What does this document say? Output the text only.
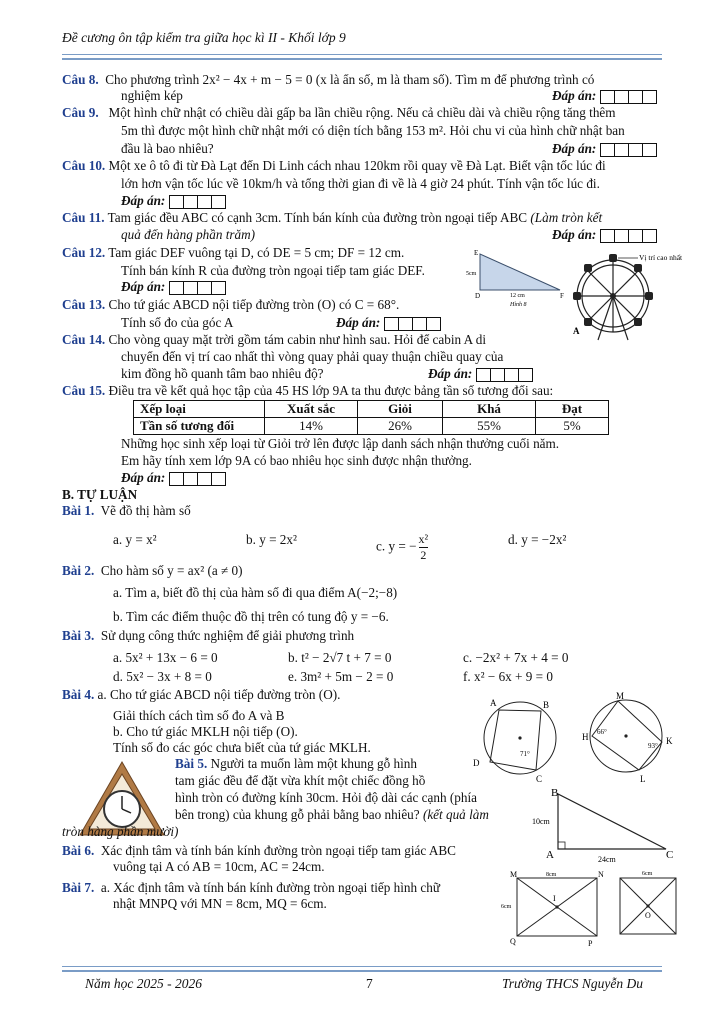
Đề cương ôn tập kiểm tra giữa học kì II - Khối lớp 9
Câu 8. Cho phương trình 2x² − 4x + m − 5 = 0 (x là ẩn số, m là tham số). Tìm m để phương trình có
nghiệm kép	Đáp án:
Câu 9. Một hình chữ nhật có chiều dài gấp ba lần chiều rộng. Nếu cả chiều dài và chiều rộng tăng thêm
5m thì được một hình chữ nhật mới có diện tích bằng 153 m². Hỏi chu vi của hình chữ nhật ban
đầu là bao nhiêu?	Đáp án:
Câu 10. Một xe ô tô đi từ Đà Lạt đến Di Linh cách nhau 120km rồi quay về Đà Lạt. Biết vận tốc lúc đi
lớn hơn vận tốc lúc về 10km/h và tổng thời gian đi về là 4 giờ 24 phút. Tính vận tốc lúc đi.
Đáp án:
Câu 11. Tam giác đều ABC có cạnh 3cm. Tính bán kính của đường tròn ngoại tiếp ABC (Làm tròn kết
quả đến hàng phần trăm)	Đáp án:
Câu 12. Tam giác DEF vuông tại D, có DE = 5 cm; DF = 12 cm.
Tính bán kính R của đường tròn ngoại tiếp tam giác DEF.
Đáp án:
E
D	F
5cm
12 cm
Hình 8
Vị trí cao nhất
A
Câu 13. Cho tứ giác ABCD nội tiếp đường tròn (O) có C = 68°.
Tính số đo của góc A	Đáp án:
Câu 14. Cho vòng quay mặt trời gồm tám cabin như hình sau. Hỏi để cabin A di
chuyển đến vị trí cao nhất thì vòng quay phải quay thuận chiều quay của
kim đồng hồ quanh tâm bao nhiêu độ?	Đáp án:
Câu 15. Điều tra về kết quả học tập của 45 HS lớp 9A ta thu được bảng tần số tương đối sau:
Xếp loại	Xuất sắc	Giỏi	Khá	Đạt
Tần số tương đối	14%	26%	55%	5%
Những học sinh xếp loại từ Giỏi trở lên được lập danh sách nhận thưởng cuối năm.
Em hãy tính xem lớp 9A có bao nhiêu học sinh được nhận thưởng.
Đáp án:
B. TỰ LUẬN
Bài 1. Vẽ đồ thị hàm số
a. y = x²	b. y = 2x²	c. y = − $\frac{\text{x²}}{2}$	d. y = −2x²
Bài 2. Cho hàm số y = ax² (a ≠ 0)
a. Tìm a, biết đồ thị của hàm số đi qua điểm A(−2;−8)
b. Tìm các điểm thuộc đồ thị trên có tung độ y = −6.
Bài 3. Sử dụng công thức nghiệm để giải phương trình
a. 5x² + 13x − 6 = 0	b. t² − 2√7 t + 7 = 0	c. −2x² + 7x + 4 = 0
d. 5x² − 3x + 8 = 0	e. 3m² + 5m − 2 = 0	f. x² − 6x + 9 = 0
Bài 4. a. Cho tứ giác ABCD nội tiếp đường tròn (O).
Giải thích cách tìm số đo A và B
b. Cho tứ giác MKLH nội tiếp (O).
Tính số đo các góc chưa biết của tứ giác MKLH.
A	B
C
D
71°
M
H	K
L
66°
93°
Bài 5. Người ta muốn làm một khung gỗ hình
tam giác đều để đặt vừa khít một chiếc đồng hồ
hình tròn có đường kính 30cm. Hỏi độ dài các cạnh (phía
bên trong) của khung gỗ phải bằng bao nhiêu? (kết quả làm
tròn hàng phần mười)
B
A	C
10cm
24cm
Bài 6. Xác định tâm và tính bán kính đường tròn ngoại tiếp tam giác ABC
vuông tại A có AB = 10cm, AC = 24cm.
Bài 7. a. Xác định tâm và tính bán kính đường tròn ngoại tiếp hình chữ
nhật MNPQ với MN = 8cm, MQ = 6cm.
M	N
Q	P
I
8cm
6cm
O
6cm
Năm học 2025 - 2026	7	Trường THCS Nguyễn Du
